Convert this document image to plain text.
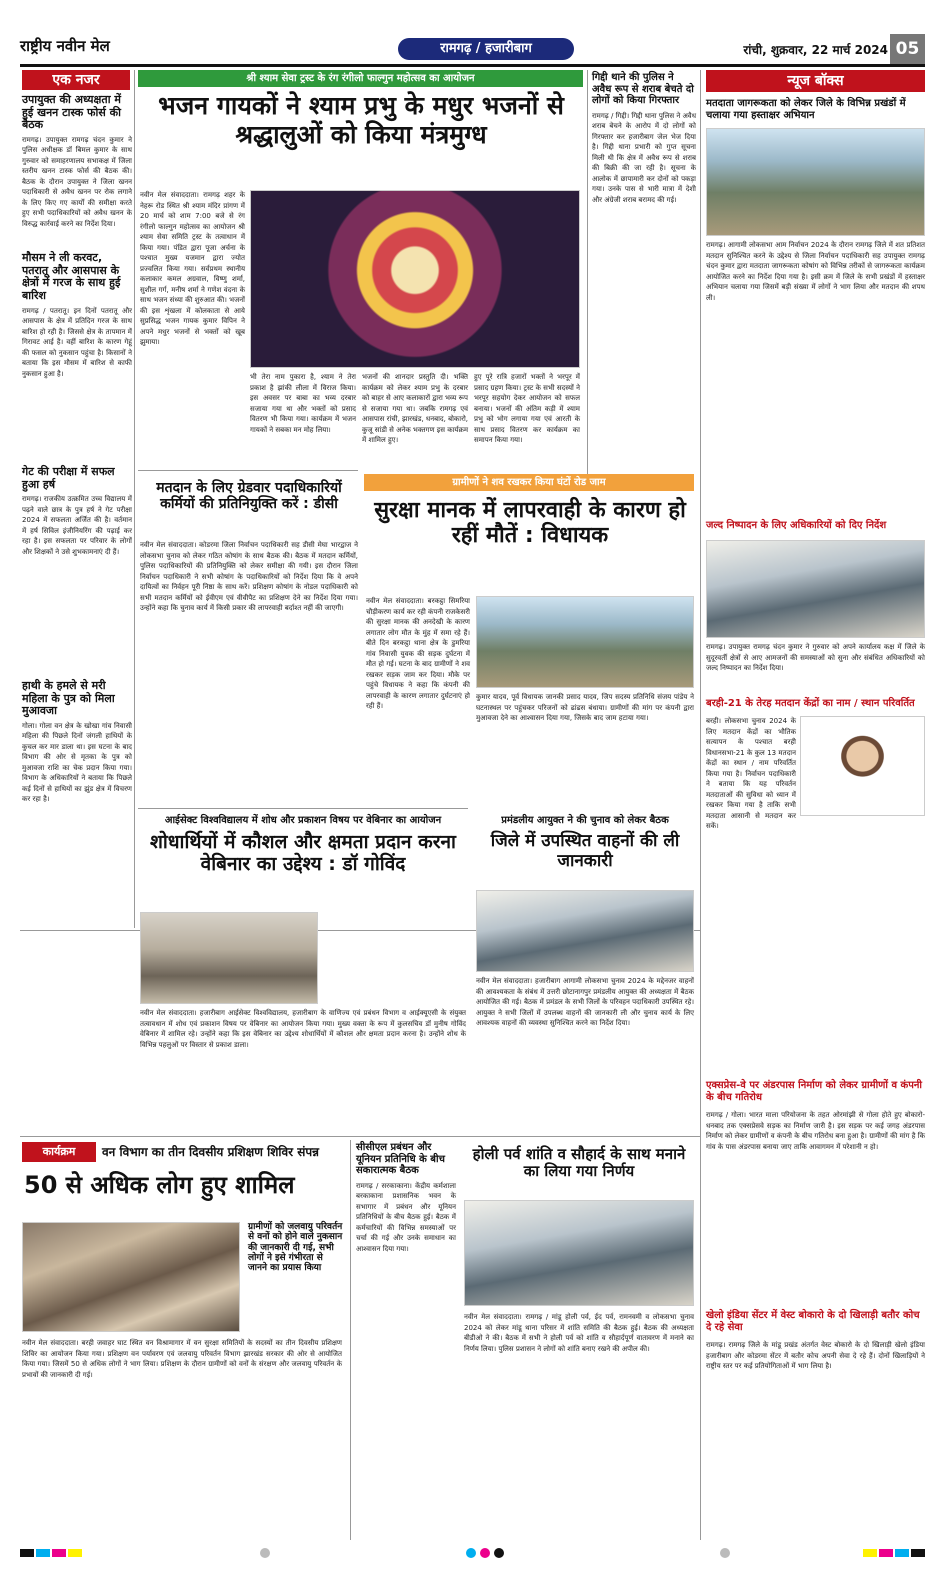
राष्ट्रीय नवीन मेल	रामगढ़ / हजारीबाग	रांची, शुक्रवार, 22 मार्च 2024 05
एक नजर
उपायुक्त की अध्यक्षता में हुई खनन टास्क फोर्स की बैठक
रामगढ़। उपायुक्त रामगढ़ चंदन कुमार ने पुलिस अधीक्षक डॉ बिमल कुमार के साथ गुरुवार को समाहरणालय सभाकक्ष में जिला स्तरीय खनन टास्क फोर्स की बैठक की। बैठक के दौरान उपायुक्त ने जिला खनन पदाधिकारी से अवैध खनन पर रोक लगाने के लिए किए गए कार्यों की समीक्षा करते हुए सभी पदाधिकारियों को अवैध खनन के विरुद्ध कार्रवाई करने का निर्देश दिया।
मौसम ने ली करवट, पतरातू और आसपास के क्षेत्रों में गरज के साथ हुई बारिश
रामगढ़ / पतरातू। इन दिनों पतरातू और आसपास के क्षेत्र में प्रतिदिन गरज के साथ बारिश हो रही है। जिससे क्षेत्र के तापमान में गिरावट आई है। वहीं बारिश के कारण गेहूं की फसल को नुकसान पहुंचा है। किसानों ने बताया कि इस मौसम में बारिश से काफी नुकसान हुआ है।
गेट की परीक्षा में सफल हुआ हर्ष
रामगढ़। राजकीय उत्क्रमित उच्च विद्यालय में पढ़ने वाले छात्र के पुत्र हर्ष ने गेट परीक्षा 2024 में सफलता अर्जित की है। वर्तमान में हर्ष सिविल इंजीनियरिंग की पढ़ाई कर रहा है। इस सफलता पर परिवार के लोगों और शिक्षकों ने उसे शुभकामनाएं दी हैं।
हाथी के हमले से मरी महिला के पुत्र को मिला मुआवजा
गोला। गोला वन क्षेत्र के खोखा गांव निवासी महिला की पिछले दिनों जंगली हाथियों के कुचल कर मार डाला था। इस घटना के बाद विभाग की ओर से मृतका के पुत्र को मुआवजा राशि का चेक प्रदान किया गया। विभाग के अधिकारियों ने बताया कि पिछले कई दिनों से हाथियों का झुंड क्षेत्र में विचरण कर रहा है।
श्री श्याम सेवा ट्रस्ट के रंग रंगीलो फाल्गुन महोत्सव का आयोजन
भजन गायकों ने श्याम प्रभु के मधुर भजनों से श्रद्धालुओं को किया मंत्रमुग्ध
नवीन मेल संवाददाता। रामगढ़ शहर के नेहरू रोड स्थित श्री श्याम मंदिर प्रांगण में 20 मार्च को शाम 7:00 बजे से रंग रंगीलो फाल्गुन महोत्सव का आयोजन श्री श्याम सेवा समिति ट्रस्ट के तत्वाधान में किया गया। पंडित द्वारा पूजा अर्चना के पश्चात मुख्य यजमान द्वारा ज्योत प्रज्वलित किया गया। सर्वप्रथम स्थानीय कलाकार कमल अग्रवाल, विष्णु शर्मा, सुशील गर्ग, मनीष शर्मा ने गणेश वंदना के साथ भजन संध्या की शुरुआत की। भजनों की इस शृंखला में कोलकाता से आये सुप्रसिद्ध भजन गायक कुमार विपिन ने अपने मधुर भजनों से भक्तों को खूब झुमाया।
भी तेरा नाम पुकारा है, श्याम ने तेरा प्रकाश है झांकी लीला में विराज किया। इस अवसर पर बाबा का भव्य दरबार सजाया गया था और भक्तों को प्रसाद वितरण भी किया गया। कार्यक्रम में भजन गायकों ने सबका मन मोह लिया।
भजनों की शानदार प्रस्तुति दी। भक्ति कार्यक्रम को लेकर श्याम प्रभु के दरबार को बाहर से आए कलाकारों द्वारा भव्य रूप से सजाया गया था। जबकि रामगढ़ एवं आसपास रांची, झारखंड, धनबाद, बोकारो, कुजू सांडी से अनेक भक्तगण इस कार्यक्रम में शामिल हुए।
हुए पूरे रात्रि हजारों भक्तों ने भरपूर में प्रसाद ग्रहण किया। ट्रस्ट के सभी सदस्यों ने भरपूर सहयोग देकर आयोजन को सफल बनाया। भजनों की अंतिम कड़ी में श्याम प्रभु को भोग लगाया गया एवं आरती के साथ प्रसाद वितरण कर कार्यक्रम का समापन किया गया।
गिद्दी थाने की पुलिस ने अवैध रूप से शराब बेचते दो लोगों को किया गिरफ्तार
रामगढ़ / गिद्दी। गिद्दी थाना पुलिस ने अवैध शराब बेचने के आरोप में दो लोगों को गिरफ्तार कर हजारीबाग जेल भेज दिया है। गिद्दी थाना प्रभारी को गुप्त सूचना मिली थी कि क्षेत्र में अवैध रूप से शराब की बिक्री की जा रही है। सूचना के आलोक में छापामारी कर दोनों को पकड़ा गया। उनके पास से भारी मात्रा में देशी और अंग्रेजी शराब बरामद की गई।
मतदान के लिए ग्रेडवार पदाधिकारियों कर्मियों की प्रतिनियुक्ति करें : डीसी
नवीन मेल संवाददाता। कोडरमा जिला निर्वाचन पदाधिकारी सह डीसी मेघा भारद्वाज ने लोकसभा चुनाव को लेकर गठित कोषांग के साथ बैठक की। बैठक में मतदान कर्मियों, पुलिस पदाधिकारियों की प्रतिनियुक्ति को लेकर समीक्षा की गयी। इस दौरान जिला निर्वाचन पदाधिकारी ने सभी कोषांग के पदाधिकारियों को निर्देश दिया कि वे अपने दायित्वों का निर्वहन पूरी निष्ठा के साथ करें। प्रशिक्षण कोषांग के नोडल पदाधिकारी को सभी मतदान कर्मियों को ईवीएम एवं वीवीपैट का प्रशिक्षण देने का निर्देश दिया गया। उन्होंने कहा कि चुनाव कार्य में किसी प्रकार की लापरवाही बर्दाश्त नहीं की जाएगी।
ग्रामीणों ने शव रखकर किया घंटों रोड जाम
सुरक्षा मानक में लापरवाही के कारण हो रहीं मौतें : विधायक
नवीन मेल संवाददाता। बरकट्ठा सिमरिया चौड़ीकरण कार्य कर रही कंपनी राजकेसरी की सुरक्षा मानक की अनदेखी के कारण लगातार लोग मौत के मुंह में समा रहे हैं। बीते दिन बरकट्ठा थाना क्षेत्र के डुमरिया गांव निवासी युवक की सड़क दुर्घटना में मौत हो गई। घटना के बाद ग्रामीणों ने शव रखकर सड़क जाम कर दिया। मौके पर पहुंचे विधायक ने कहा कि कंपनी की लापरवाही के कारण लगातार दुर्घटनाएं हो रही हैं।
कुमार यादव, पूर्व विधायक जानकी प्रसाद यादव, जिप सदस्य प्रतिनिधि संजय पांडेय ने घटनास्थल पर पहुंचकर परिजनों को ढांढस बंधाया। ग्रामीणों की मांग पर कंपनी द्वारा मुआवजा देने का आश्वासन दिया गया, जिसके बाद जाम हटाया गया।
आईसेक्ट विश्वविद्यालय में शोध और प्रकाशन विषय पर वेबिनार का आयोजन
शोधार्थियों में कौशल और क्षमता प्रदान करना वेबिनार का उद्देश्य : डॉ गोविंद
नवीन मेल संवाददाता। हजारीबाग आईसेक्ट विश्वविद्यालय, हजारीबाग के वाणिज्य एवं प्रबंधन विभाग व आईक्यूएसी के संयुक्त तत्वावधान में शोध एवं प्रकाशन विषय पर वेबिनार का आयोजन किया गया। मुख्य वक्ता के रूप में कुलसचिव डॉ मुनीष गोविंद वेबिनार में शामिल रहे। उन्होंने कहा कि इस वेबिनार का उद्देश्य शोधार्थियों में कौशल और क्षमता प्रदान करना है। उन्होंने शोध के विभिन्न पहलुओं पर विस्तार से प्रकाश डाला।
प्रमंडलीय आयुक्त ने की चुनाव को लेकर बैठक
जिले में उपस्थित वाहनों की ली जानकारी
नवीन मेल संवाददाता। हजारीबाग आगामी लोकसभा चुनाव 2024 के मद्देनजर वाहनों की आवश्यकता के संबंध में उत्तरी छोटानागपुर प्रमंडलीय आयुक्त की अध्यक्षता में बैठक आयोजित की गई। बैठक में प्रमंडल के सभी जिलों के परिवहन पदाधिकारी उपस्थित रहे। आयुक्त ने सभी जिलों में उपलब्ध वाहनों की जानकारी ली और चुनाव कार्य के लिए आवश्यक वाहनों की व्यवस्था सुनिश्चित करने का निर्देश दिया।
कार्यक्रम	वन विभाग का तीन दिवसीय प्रशिक्षण शिविर संपन्न
50 से अधिक लोग हुए शामिल
ग्रामीणों को जलवायु परिवर्तन से वनों को होने वाले नुकसान की जानकारी दी गई, सभी लोगों ने इसे गंभीरता से जानने का प्रयास किया
नवीन मेल संवाददाता। बरही जवाहर घाट स्थित वन विश्रामागार में वन सुरक्षा समितियों के सदस्यों का तीन दिवसीय प्रशिक्षण शिविर का आयोजन किया गया। प्रशिक्षण वन पर्यावरण एवं जलवायु परिवर्तन विभाग झारखंड सरकार की ओर से आयोजित किया गया। जिसमें 50 से अधिक लोगों ने भाग लिया। प्रशिक्षण के दौरान ग्रामीणों को वनों के संरक्षण और जलवायु परिवर्तन के प्रभावों की जानकारी दी गई।
सीसीएल प्रबंधन और यूनियन प्रतिनिधि के बीच सकारात्मक बैठक
रामगढ़ / सरकाकाना। केंद्रीय कर्मशाला बरकाकाना प्रशासनिक भवन के सभागार में प्रबंधन और यूनियन प्रतिनिधियों के बीच बैठक हुई। बैठक में कर्मचारियों की विभिन्न समस्याओं पर चर्चा की गई और उनके समाधान का आश्वासन दिया गया।
होली पर्व शांति व सौहार्द के साथ मनाने का लिया गया निर्णय
नवीन मेल संवाददाता। रामगढ़ / मांडू होली पर्व, ईद पर्व, रामनवमी व लोकसभा चुनाव 2024 को लेकर मांडू थाना परिसर में शांति समिति की बैठक हुई। बैठक की अध्यक्षता बीडीओ ने की। बैठक में सभी ने होली पर्व को शांति व सौहार्दपूर्ण वातावरण में मनाने का निर्णय लिया। पुलिस प्रशासन ने लोगों को शांति बनाए रखने की अपील की।
न्यूज बॉक्स
मतदाता जागरूकता को लेकर जिले के विभिन्न प्रखंडों में चलाया गया हस्ताक्षर अभियान
रामगढ़। आगामी लोकसभा आम निर्वाचन 2024 के दौरान रामगढ़ जिले में शत प्रतिशत मतदान सुनिश्चित करने के उद्देश्य से जिला निर्वाचन पदाधिकारी सह उपायुक्त रामगढ़ चंदन कुमार द्वारा मतदाता जागरूकता कोषांग को विभिन्न तरीकों से जागरूकता कार्यक्रम आयोजित करने का निर्देश दिया गया है। इसी क्रम में जिले के सभी प्रखंडों में हस्ताक्षर अभियान चलाया गया जिसमें बड़ी संख्या में लोगों ने भाग लिया और मतदान की शपथ ली।
जल्द निष्पादन के लिए अधिकारियों को दिए निर्देश
रामगढ़। उपायुक्त रामगढ़ चंदन कुमार ने गुरुवार को अपने कार्यालय कक्ष में जिले के सुदूरवर्ती क्षेत्रों से आए आमजनों की समस्याओं को सुना और संबंधित अधिकारियों को जल्द निष्पादन का निर्देश दिया।
बरही-21 के तेरह मतदान केंद्रों का नाम / स्थान परिवर्तित
बरही। लोकसभा चुनाव 2024 के लिए मतदान केंद्रों का भौतिक सत्यापन के पश्चात बरही विधानसभा-21 के कुल 13 मतदान केंद्रों का स्थान / नाम परिवर्तित किया गया है। निर्वाचन पदाधिकारी ने बताया कि यह परिवर्तन मतदाताओं की सुविधा को ध्यान में रखकर किया गया है ताकि सभी मतदाता आसानी से मतदान कर सकें।
एक्सप्रेस-वे पर अंडरपास निर्माण को लेकर ग्रामीणों व कंपनी के बीच गतिरोध
रामगढ़ / गोला। भारत माला परियोजना के तहत ओरमांझी से गोला होते हुए बोकारो-धनबाद तक एक्सप्रेसवे सड़क का निर्माण जारी है। इस सड़क पर कई जगह अंडरपास निर्माण को लेकर ग्रामीणों व कंपनी के बीच गतिरोध बना हुआ है। ग्रामीणों की मांग है कि गांव के पास अंडरपास बनाया जाए ताकि आवागमन में परेशानी न हो।
खेलो इंडिया सेंटर में वेस्ट बोकारो के दो खिलाड़ी बतौर कोच दे रहे सेवा
रामगढ़। रामगढ़ जिले के मांडू प्रखंड अंतर्गत वेस्ट बोकारो के दो खिलाड़ी खेलो इंडिया हजारीबाग और कोडरमा सेंटर में बतौर कोच अपनी सेवा दे रहे हैं। दोनों खिलाड़ियों ने राष्ट्रीय स्तर पर कई प्रतियोगिताओं में भाग लिया है।
